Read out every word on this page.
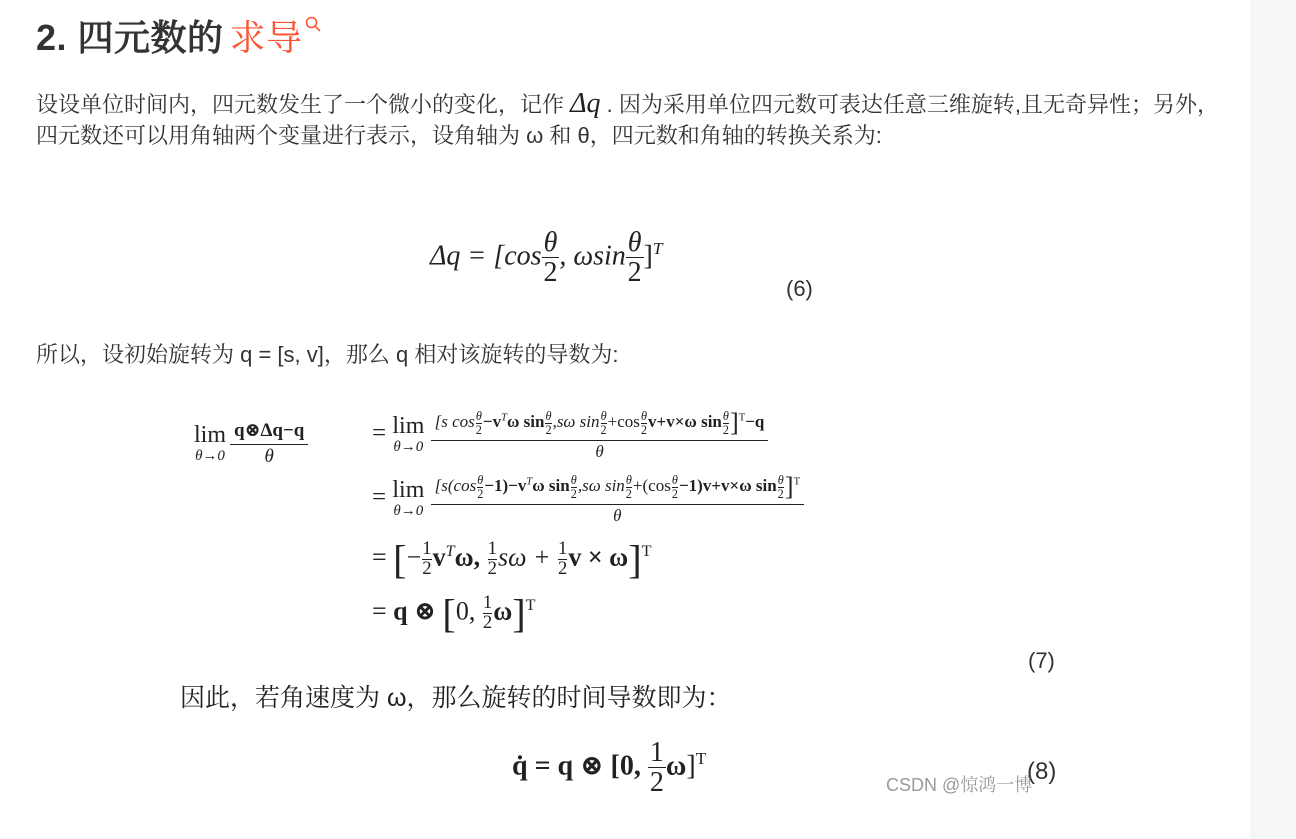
2. 四元数的 求导
设设单位时间内，四元数发生了一个微小的变化，记作 Δq . 因为采用单位四元数可表达任意三维旋转,且无奇异性；另外，四元数还可以用角轴两个变量进行表示，设角轴为 ω 和 θ，四元数和角轴的转换关系为:
$\Delta q = [\cos \frac{\theta}{2}$ , ωsin $\frac{\theta}{2} ]^T$
(6)
所以，设初始旋转为 q = [s, v]，那么 q 相对该旋转的导数为:
lim
θ→0
$\frac{q\otimes\Delta q-q}{\theta}$	= lim
θ→0
$\frac{[s \cos \frac{\theta}{2} -v^T\omega \sin \frac{\theta}{2} ,s\omega \sin \frac{\theta}{2} +\cos \frac{\theta}{2} v+v\times\omega \sin \frac{\theta}{2} ]^T-q}{\theta}$
= lim
θ→0
$\frac{[s(\cos \frac{\theta}{2} -1)-v^T\omega \sin \frac{\theta}{2} ,s\omega \sin \frac{\theta}{2} +(\cos \frac{\theta}{2} -1)v+v\times\omega \sin \frac{\theta}{2} ]^T}{\theta}$
= [− $\frac{1}{2} v^T\omega$, $\frac{1}{2}$ $s\omega + \frac{1}{2}$ v × ω]$^T$
= q ⊗ [0, $\frac{1}{2} \omega]^T$
(7)
因此，若角速度为 ω，那么旋转的时间导数即为：
q̇ = q ⊗ [0, $\frac{1}{2} \omega]^T$	(8)
CSDN @惊鸿一博
